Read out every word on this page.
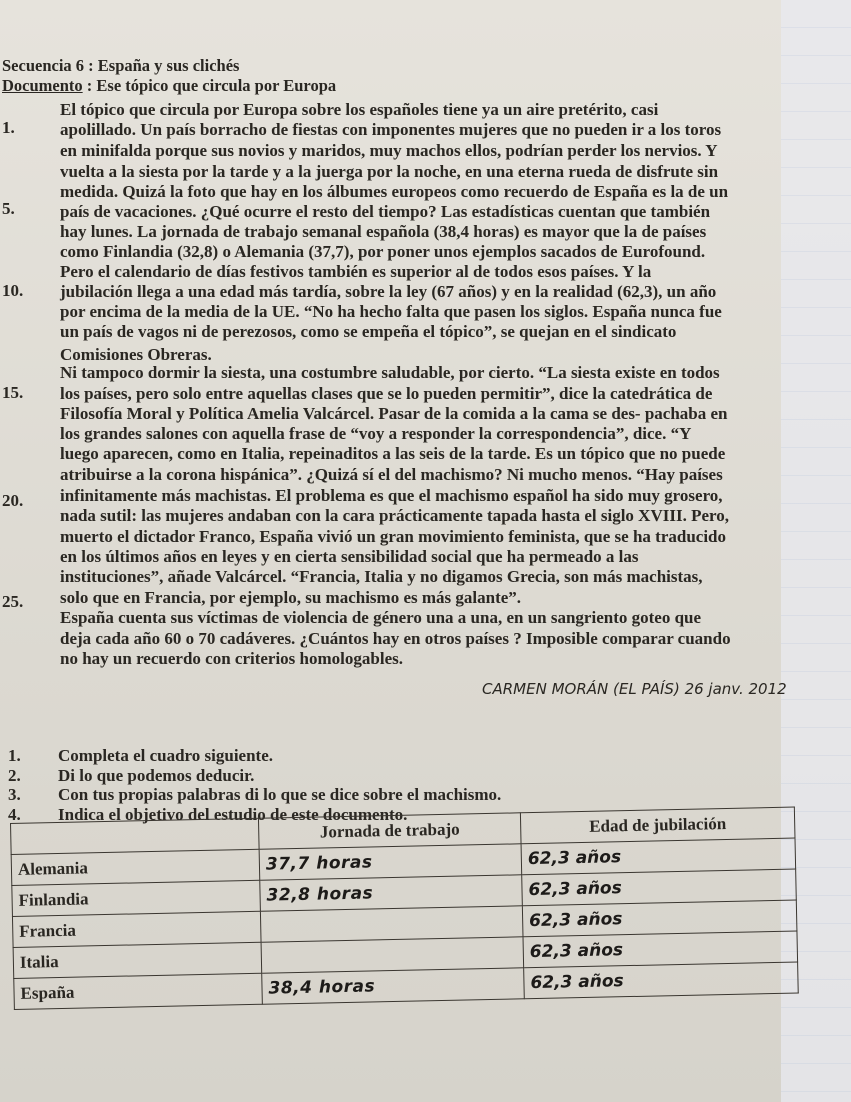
Secuencia 6 : España y sus clichés
Documento : Ese tópico que circula por Europa
1.
5.
10.
15.
20.
25.
El tópico que circula por Europa sobre los españoles tiene ya un aire pretérito, casi
apolillado. Un país borracho de fiestas con imponentes mujeres que no pueden ir a los toros
en minifalda porque sus novios y maridos, muy machos ellos, podrían perder los nervios. Y
vuelta a la siesta por la tarde y a la juerga por la noche, en una eterna rueda de disfrute sin
medida. Quizá la foto que hay en los álbumes europeos como recuerdo de España es la de un
país de vacaciones. ¿Qué ocurre el resto del tiempo? Las estadísticas cuentan que también
hay lunes. La jornada de trabajo semanal española (38,4 horas) es mayor que la de países
como Finlandia (32,8) o Alemania (37,7), por poner unos ejemplos sacados de Eurofound.
Pero el calendario de días festivos también es superior al de todos esos países. Y la
jubilación llega a una edad más tardía, sobre la ley (67 años) y en la realidad (62,3), un año
por encima de la media de la UE. “No ha hecho falta que pasen los siglos. España nunca fue
un país de vagos ni de perezosos, como se empeña el tópico”, se quejan en el sindicato
Comisiones Obreras.
Ni tampoco dormir la siesta, una costumbre saludable, por cierto. “La siesta existe en todos
los países, pero solo entre aquellas clases que se lo pueden permitir”, dice la catedrática de
Filosofía Moral y Política Amelia Valcárcel. Pasar de la comida a la cama se des- pachaba en
los grandes salones con aquella frase de “voy a responder la correspondencia”, dice. “Y
luego aparecen, como en Italia, repeinaditos a las seis de la tarde. Es un tópico que no puede
atribuirse a la corona hispánica”. ¿Quizá sí el del machismo? Ni mucho menos. “Hay países
infinitamente más machistas. El problema es que el machismo español ha sido muy grosero,
nada sutil: las mujeres andaban con la cara prácticamente tapada hasta el siglo XVIII. Pero,
muerto el dictador Franco, España vivió un gran movimiento feminista, que se ha traducido
en los últimos años en leyes y en cierta sensibilidad social que ha permeado a las
instituciones”, añade Valcárcel. “Francia, Italia y no digamos Grecia, son más machistas,
solo que en Francia, por ejemplo, su machismo es más galante”.
España cuenta sus víctimas de violencia de género una a una, en un sangriento goteo que
deja cada año 60 o 70 cadáveres. ¿Cuántos hay en otros países ? Imposible comparar cuando
no hay un recuerdo con criterios homologables.
CARMEN MORÁN (EL PAÍS) 26 janv. 2012
1. Completa el cuadro siguiente.
2. Di lo que podemos deducir.
3. Con tus propias palabras di lo que se dice sobre el machismo.
4. Indica el objetivo del estudio de este documento.
	Jornada de trabajo	Edad de jubilación
Alemania	37,7 horas	62,3 años
Finlandia	32,8 horas	62,3 años
Francia		62,3 años
Italia		62,3 años
España	38,4 horas	62,3 años
